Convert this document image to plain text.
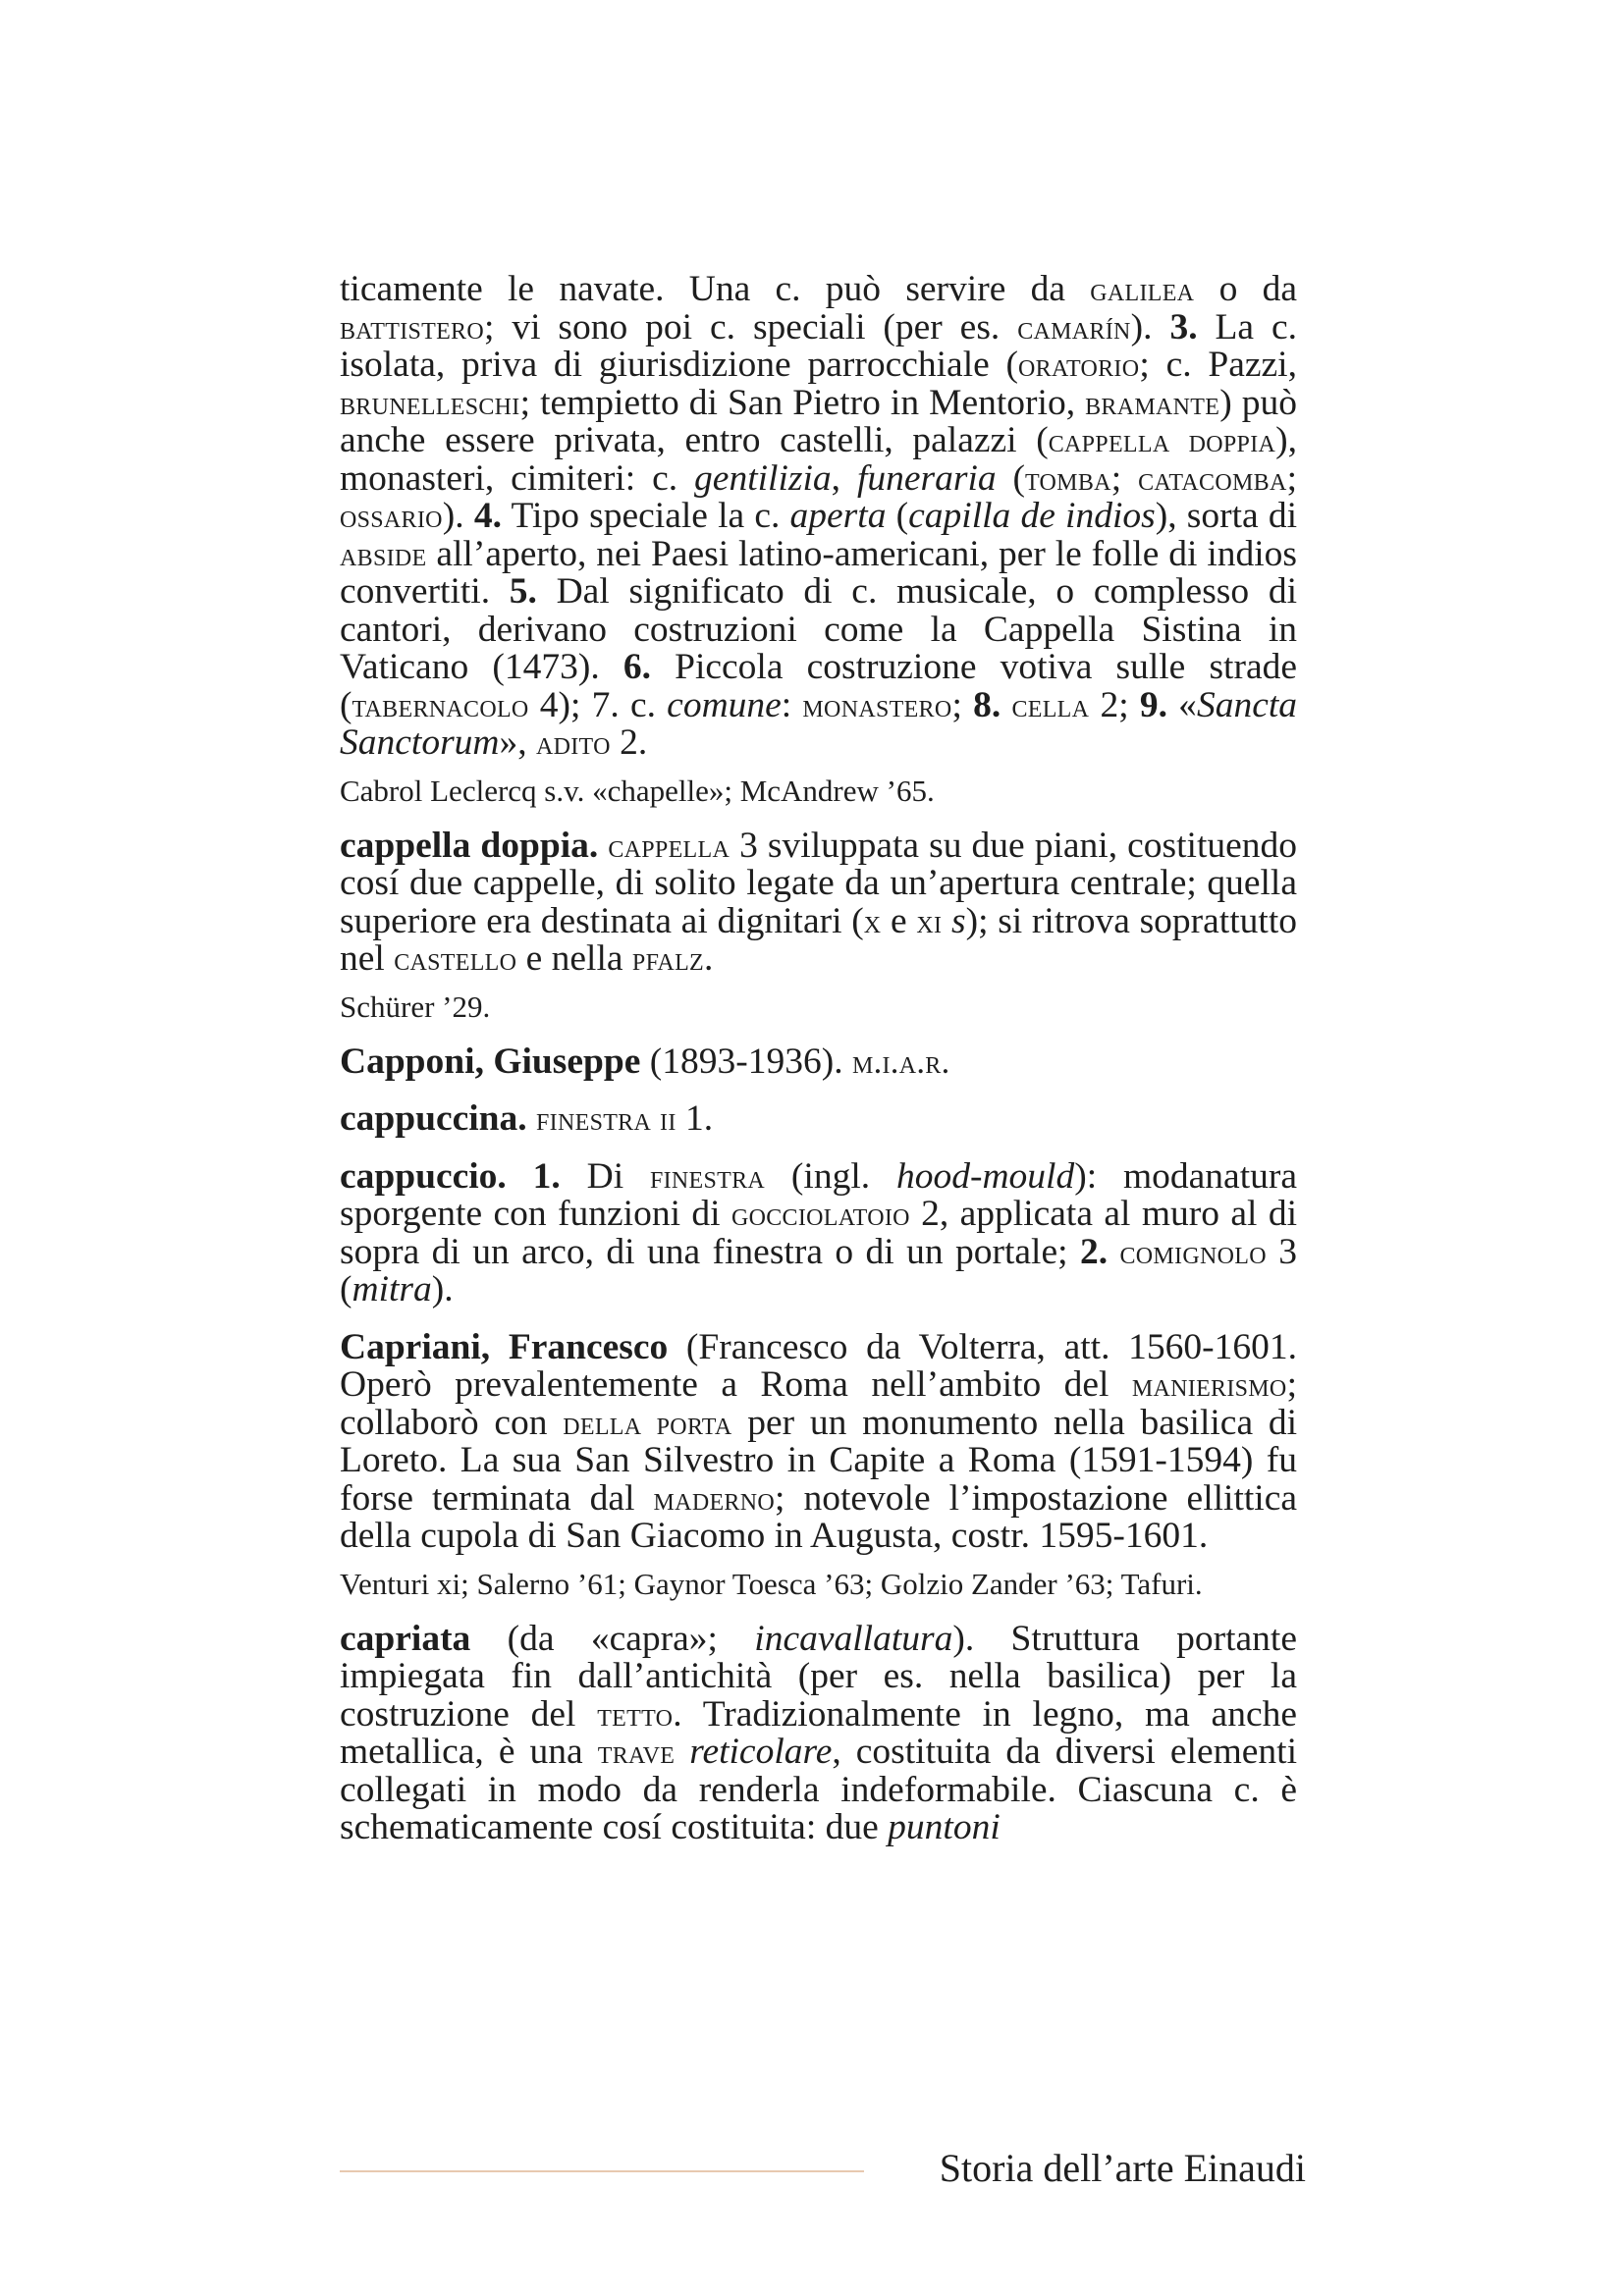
ticamente le navate. Una c. può servire da galilea o da battistero; vi sono poi c. speciali (per es. camarín). 3. La c. isolata, priva di giurisdizione parrocchiale (oratorio; c. Pazzi, brunelleschi; tempietto di San Pietro in Mentorio, bramante) può anche essere privata, entro castelli, palazzi (cappella doppia), monasteri, cimiteri: c. gentilizia, funeraria (tomba; catacomba; ossario). 4. Tipo speciale la c. aperta (capilla de indios), sorta di abside all’aperto, nei Paesi latino-americani, per le folle di indios convertiti. 5. Dal significato di c. musicale, o complesso di cantori, derivano costruzioni come la Cappella Sistina in Vaticano (1473). 6. Piccola costruzione votiva sulle strade (tabernacolo 4); 7. c. comune: monastero; 8. cella 2; 9. «Sancta Sanctorum», adito 2.
Cabrol Leclercq s.v. «chapelle»; McAndrew ’65.
cappella doppia. cappella 3 sviluppata su due piani, costituendo cosí due cappelle, di solito legate da un’apertura centrale; quella superiore era destinata ai dignitari (x e xi s); si ritrova soprattutto nel castello e nella pfalz.
Schürer ’29.
Capponi, Giuseppe (1893-1936). m.i.a.r.
cappuccina. finestra ii 1.
cappuccio. 1. Di finestra (ingl. hood-mould): modanatura sporgente con funzioni di gocciolatoio 2, applicata al muro al di sopra di un arco, di una finestra o di un portale; 2. comignolo 3 (mitra).
Capriani, Francesco (Francesco da Volterra, att. 1560-1601. Operò prevalentemente a Roma nell’ambito del manierismo; collaborò con della porta per un monumento nella basilica di Loreto. La sua San Silvestro in Capite a Roma (1591-1594) fu forse terminata dal maderno; notevole l’impostazione ellittica della cupola di San Giacomo in Augusta, costr. 1595-1601.
Venturi xi; Salerno ’61; Gaynor Toesca ’63; Golzio Zander ’63; Tafuri.
capriata (da «capra»; incavallatura). Struttura portante impiegata fin dall’antichità (per es. nella basilica) per la costruzione del tetto. Tradizionalmente in legno, ma anche metallica, è una trave reticolare, costituita da diversi elementi collegati in modo da renderla indeformabile. Ciascuna c. è schematicamente cosí costituita: due puntoni
Storia dell’arte Einaudi
